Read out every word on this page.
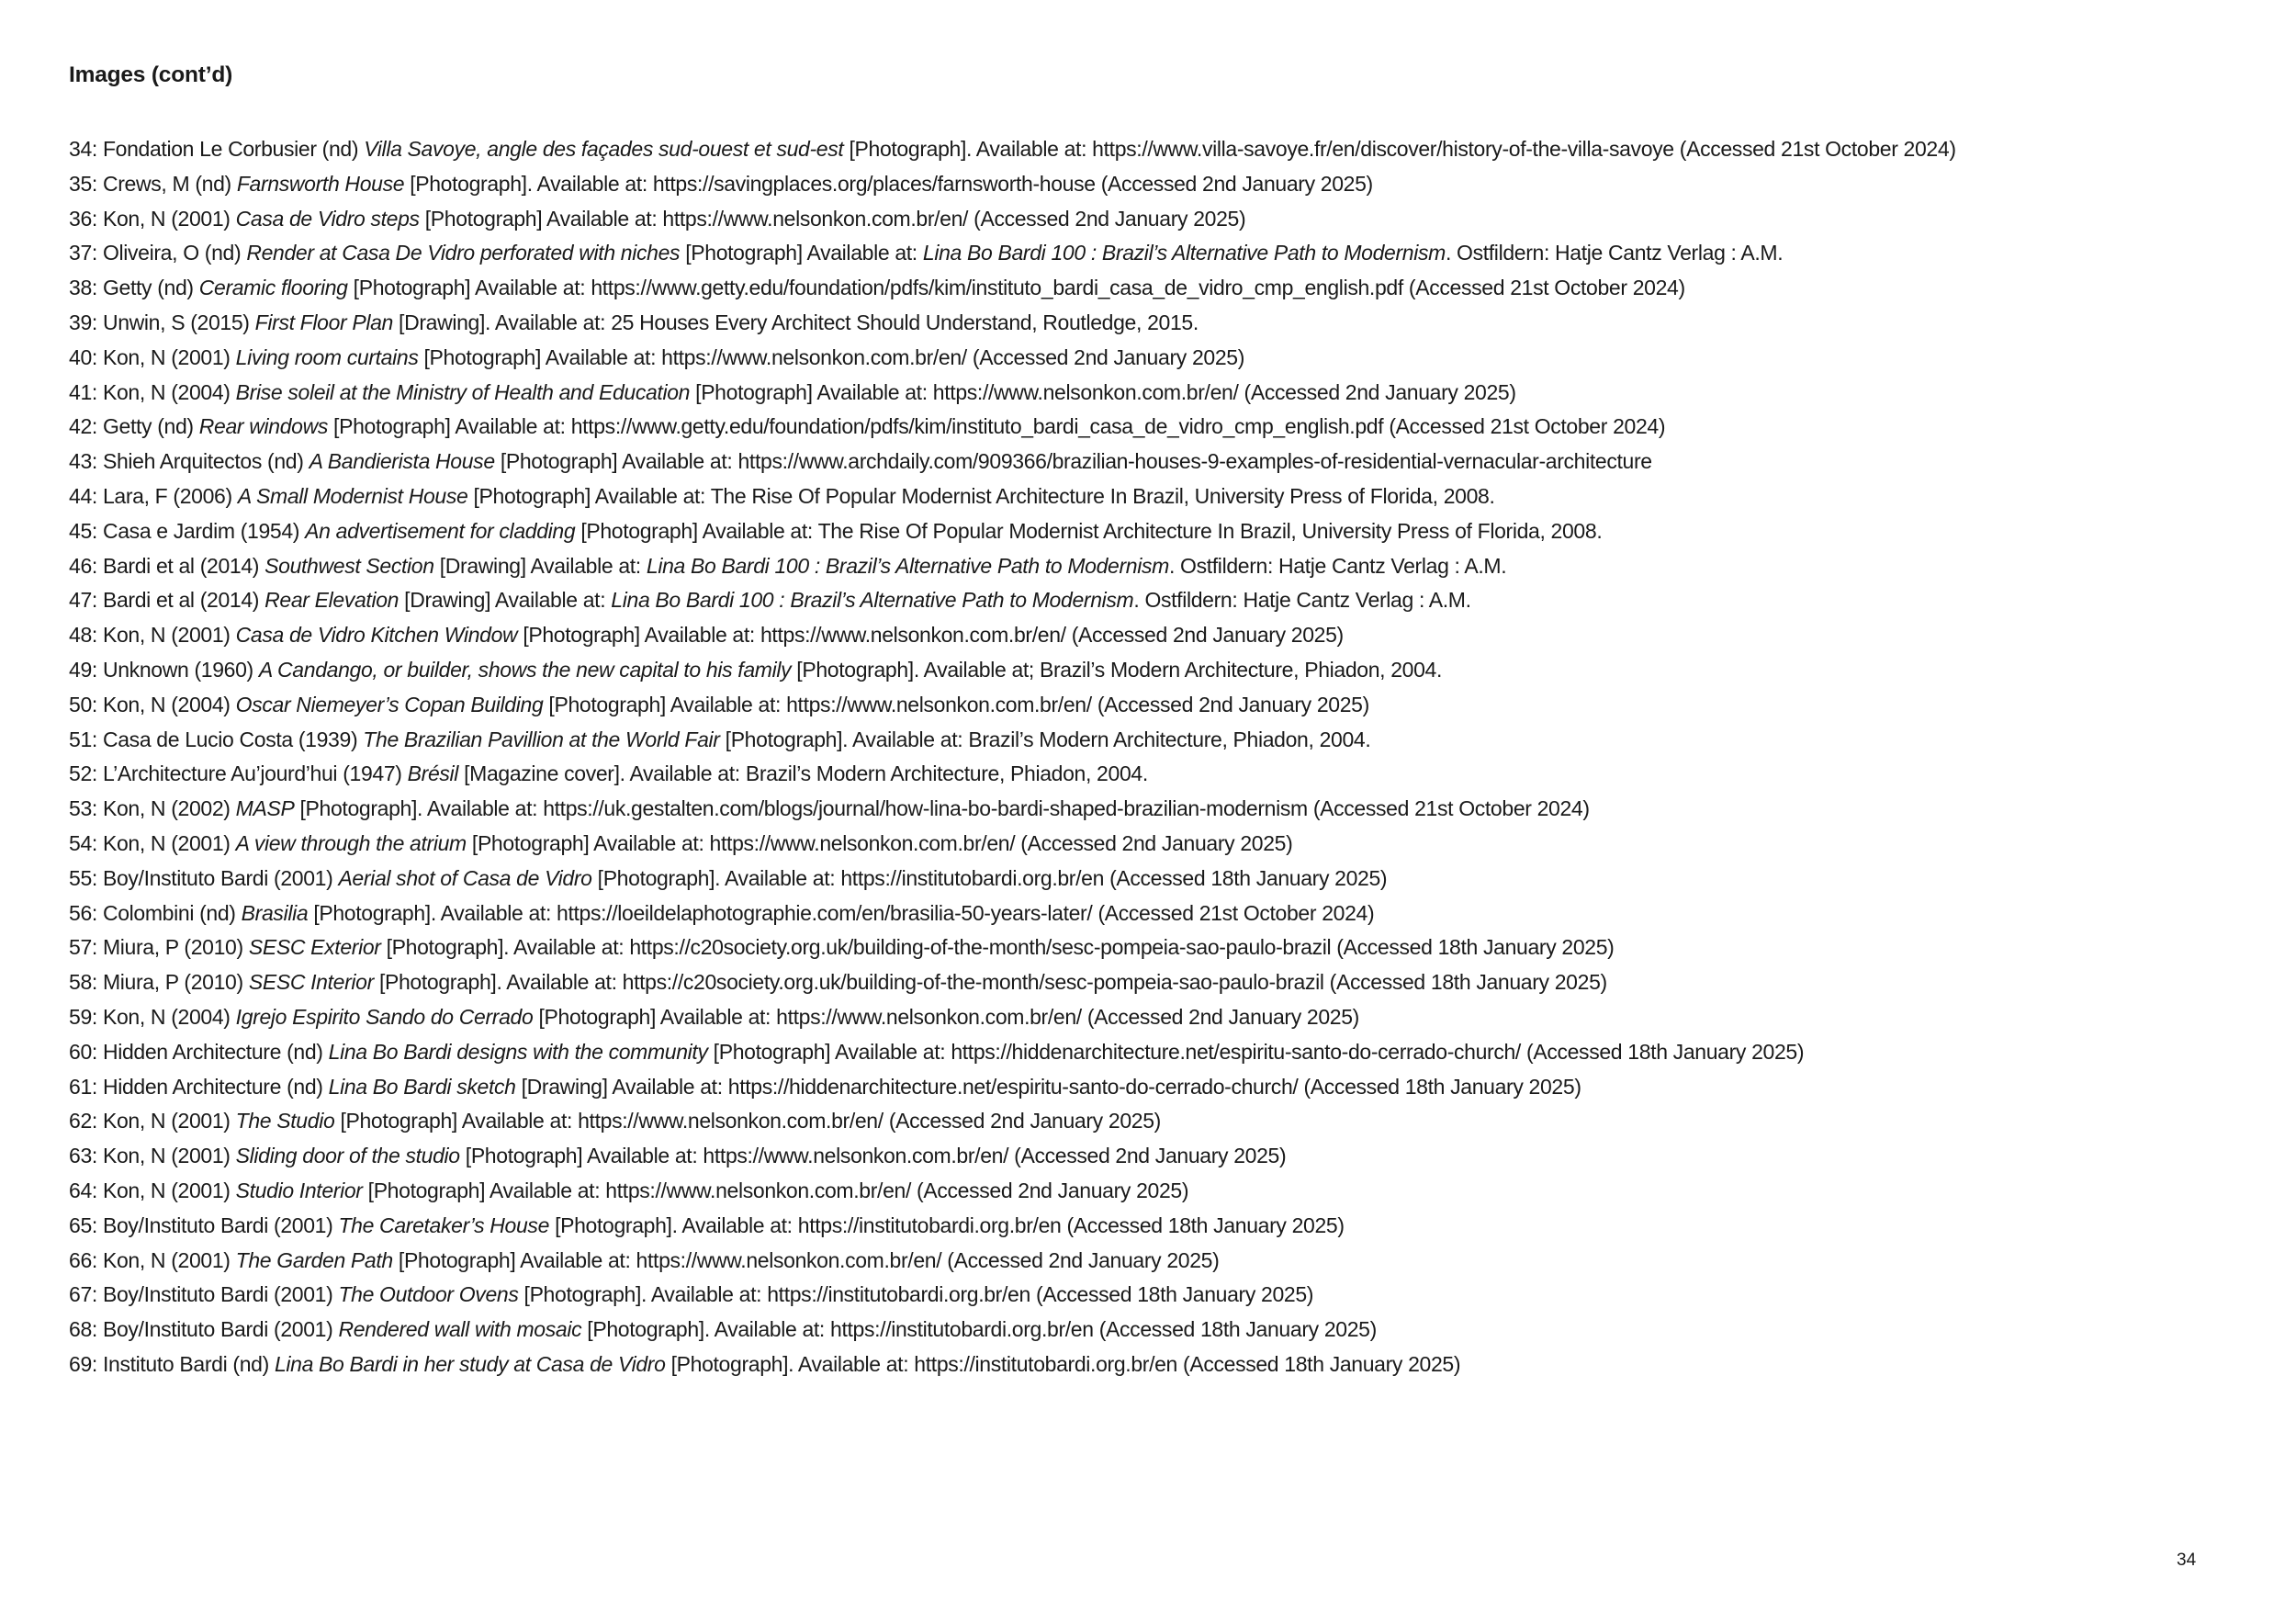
Images (cont’d)
34: Fondation Le Corbusier (nd) Villa Savoye, angle des façades sud-ouest et sud-est [Photograph]. Available at: https://www.villa-savoye.fr/en/discover/history-of-the-villa-savoye (Accessed 21st October 2024)
35: Crews, M (nd) Farnsworth House [Photograph]. Available at: https://savingplaces.org/places/farnsworth-house (Accessed 2nd January 2025)
36: Kon, N (2001) Casa de Vidro steps [Photograph] Available at: https://www.nelsonkon.com.br/en/ (Accessed 2nd January 2025)
37: Oliveira, O (nd) Render at Casa De Vidro perforated with niches [Photograph] Available at: Lina Bo Bardi 100 : Brazil’s Alternative Path to Modernism. Ostfildern: Hatje Cantz Verlag : A.M.
38: Getty (nd) Ceramic flooring [Photograph] Available at: https://www.getty.edu/foundation/pdfs/kim/instituto_bardi_casa_de_vidro_cmp_english.pdf (Accessed 21st October 2024)
39: Unwin, S (2015) First Floor Plan [Drawing]. Available at: 25 Houses Every Architect Should Understand, Routledge, 2015.
40: Kon, N (2001) Living room curtains [Photograph] Available at: https://www.nelsonkon.com.br/en/ (Accessed 2nd January 2025)
41: Kon, N (2004) Brise soleil at the Ministry of Health and Education [Photograph] Available at: https://www.nelsonkon.com.br/en/ (Accessed 2nd January 2025)
42: Getty (nd) Rear windows [Photograph] Available at: https://www.getty.edu/foundation/pdfs/kim/instituto_bardi_casa_de_vidro_cmp_english.pdf (Accessed 21st October 2024)
43: Shieh Arquitectos (nd) A Bandierista House [Photograph] Available at: https://www.archdaily.com/909366/brazilian-houses-9-examples-of-residential-vernacular-architecture
44: Lara, F (2006) A Small Modernist House [Photograph] Available at: The Rise Of Popular Modernist Architecture In Brazil, University Press of Florida, 2008.
45: Casa e Jardim (1954) An advertisement for cladding [Photograph] Available at: The Rise Of Popular Modernist Architecture In Brazil, University Press of Florida, 2008.
46: Bardi et al (2014) Southwest Section [Drawing] Available at: Lina Bo Bardi 100 : Brazil’s Alternative Path to Modernism. Ostfildern: Hatje Cantz Verlag : A.M.
47: Bardi et al (2014) Rear Elevation [Drawing] Available at: Lina Bo Bardi 100 : Brazil’s Alternative Path to Modernism. Ostfildern: Hatje Cantz Verlag : A.M.
48: Kon, N (2001) Casa de Vidro Kitchen Window [Photograph] Available at: https://www.nelsonkon.com.br/en/ (Accessed 2nd January 2025)
49: Unknown (1960) A Candango, or builder, shows the new capital to his family [Photograph]. Available at; Brazil’s Modern Architecture, Phiadon, 2004.
50: Kon, N (2004) Oscar Niemeyer’s Copan Building [Photograph] Available at: https://www.nelsonkon.com.br/en/ (Accessed 2nd January 2025)
51: Casa de Lucio Costa (1939) The Brazilian Pavillion at the World Fair [Photograph]. Available at: Brazil’s Modern Architecture, Phiadon, 2004.
52: L’Architecture Au’jourd’hui (1947) Brésil [Magazine cover]. Available at: Brazil’s Modern Architecture, Phiadon, 2004.
53: Kon, N (2002) MASP [Photograph]. Available at: https://uk.gestalten.com/blogs/journal/how-lina-bo-bardi-shaped-brazilian-modernism (Accessed 21st October 2024)
54: Kon, N (2001) A view through the atrium [Photograph] Available at: https://www.nelsonkon.com.br/en/ (Accessed 2nd January 2025)
55: Boy/Instituto Bardi (2001) Aerial shot of Casa de Vidro [Photograph]. Available at: https://institutobardi.org.br/en (Accessed 18th January 2025)
56: Colombini (nd) Brasilia [Photograph]. Available at: https://loeildelaphotographie.com/en/brasilia-50-years-later/ (Accessed 21st October 2024)
57: Miura, P (2010) SESC Exterior [Photograph]. Available at: https://c20society.org.uk/building-of-the-month/sesc-pompeia-sao-paulo-brazil (Accessed 18th January 2025)
58: Miura, P (2010) SESC Interior [Photograph]. Available at: https://c20society.org.uk/building-of-the-month/sesc-pompeia-sao-paulo-brazil (Accessed 18th January 2025)
59: Kon, N (2004) Igrejo Espirito Sando do Cerrado [Photograph] Available at: https://www.nelsonkon.com.br/en/ (Accessed 2nd January 2025)
60: Hidden Architecture (nd) Lina Bo Bardi designs with the community [Photograph] Available at: https://hiddenarchitecture.net/espiritu-santo-do-cerrado-church/ (Accessed 18th January 2025)
61: Hidden Architecture (nd) Lina Bo Bardi sketch [Drawing] Available at: https://hiddenarchitecture.net/espiritu-santo-do-cerrado-church/ (Accessed 18th January 2025)
62: Kon, N (2001) The Studio [Photograph] Available at: https://www.nelsonkon.com.br/en/ (Accessed 2nd January 2025)
63: Kon, N (2001) Sliding door of the studio [Photograph] Available at: https://www.nelsonkon.com.br/en/ (Accessed 2nd January 2025)
64: Kon, N (2001) Studio Interior [Photograph] Available at: https://www.nelsonkon.com.br/en/ (Accessed 2nd January 2025)
65: Boy/Instituto Bardi (2001) The Caretaker’s House [Photograph]. Available at: https://institutobardi.org.br/en (Accessed 18th January 2025)
66: Kon, N (2001) The Garden Path [Photograph] Available at: https://www.nelsonkon.com.br/en/ (Accessed 2nd January 2025)
67: Boy/Instituto Bardi (2001) The Outdoor Ovens [Photograph]. Available at: https://institutobardi.org.br/en (Accessed 18th January 2025)
68: Boy/Instituto Bardi (2001) Rendered wall with mosaic [Photograph]. Available at: https://institutobardi.org.br/en (Accessed 18th January 2025)
69: Instituto Bardi (nd) Lina Bo Bardi in her study at Casa de Vidro [Photograph]. Available at: https://institutobardi.org.br/en (Accessed 18th January 2025)
34
